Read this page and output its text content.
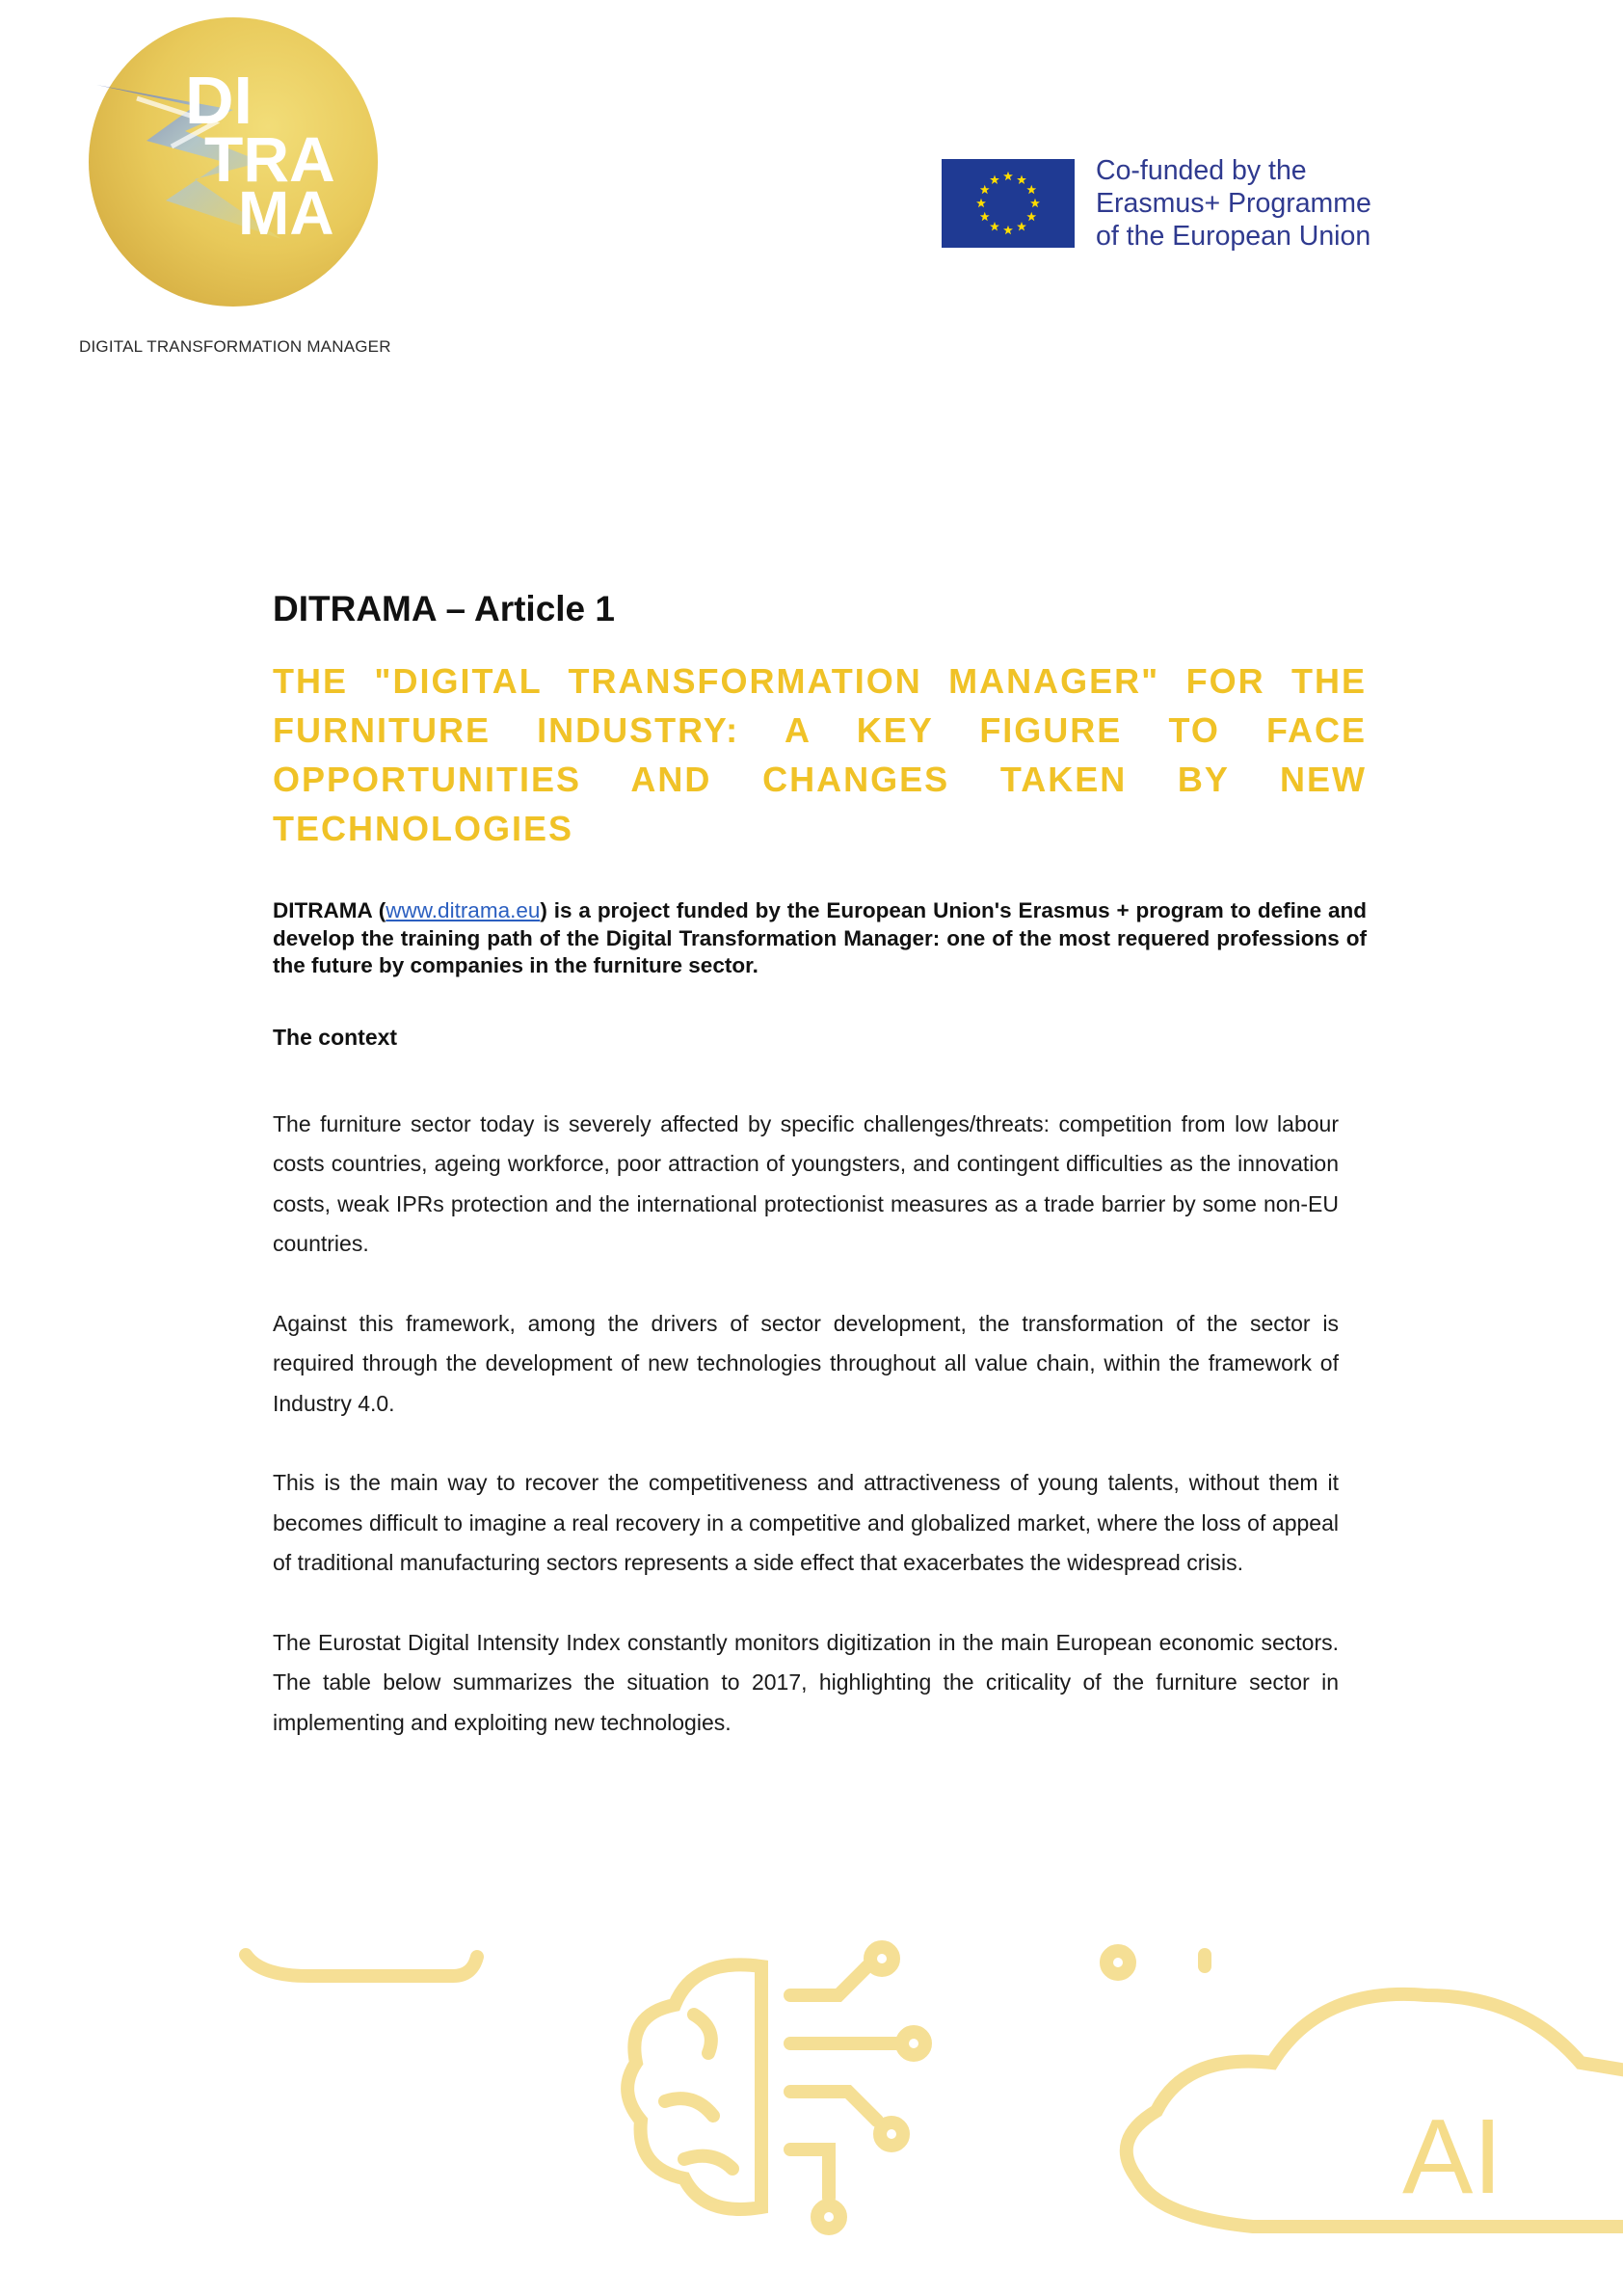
DI
TRA
MA
DIGITAL TRANSFORMATION MANAGER
Co-funded by the
Erasmus+ Programme
of the European Union
DITRAMA – Article 1

THE "DIGITAL TRANSFORMATION MANAGER" FOR THE FURNITURE INDUSTRY: A KEY FIGURE TO FACE OPPORTUNITIES AND CHANGES TAKEN BY NEW TECHNOLOGIES

DITRAMA (www.ditrama.eu) is a project funded by the European Union's Erasmus + program to define and develop the training path of the Digital Transformation Manager: one of the most requered professions of the future by companies in the furniture sector.

The context

The furniture sector today is severely affected by specific challenges/threats: competition from low labour costs countries, ageing workforce, poor attraction of youngsters, and contingent difficulties as the innovation costs, weak IPRs protection and the international protectionist measures as a trade barrier by some non-EU countries.

Against this framework, among the drivers of sector development, the transformation of the sector is required through the development of new technologies throughout all value chain, within the framework of Industry 4.0.

This is the main way to recover the competitiveness and attractiveness of young talents, without them it becomes difficult to imagine a real recovery in a competitive and globalized market, where the loss of appeal of traditional manufacturing sectors represents a side effect that exacerbates the widespread crisis.

The Eurostat Digital Intensity Index constantly monitors digitization in the main European economic sectors. The table below summarizes the situation to 2017, highlighting the criticality of the furniture sector in implementing and exploiting new technologies.

AI
